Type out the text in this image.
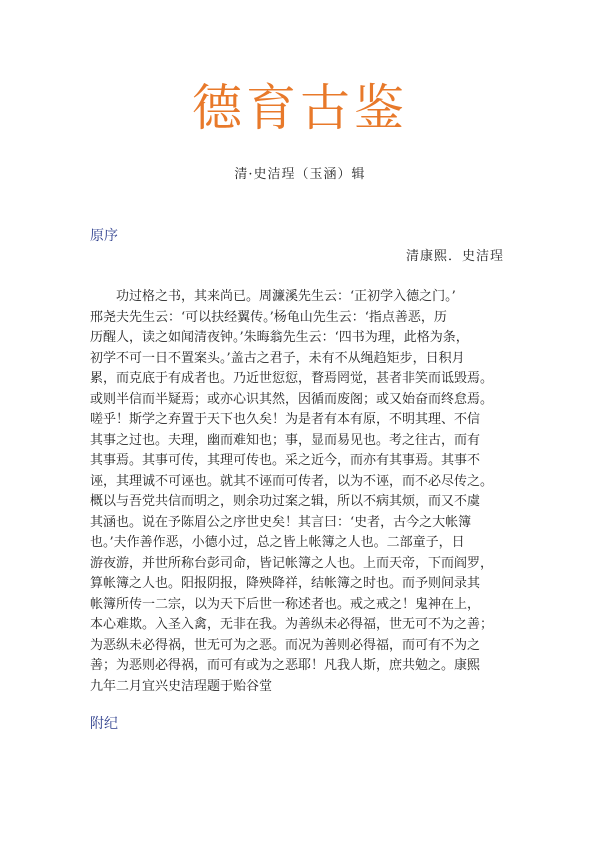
德育古鉴
清·史洁珵（玉涵）辑
原序
清康熙．史洁珵
　　功过格之书，其来尚已。周濂溪先生云：‘正初学入德之门。’
邢尧夫先生云：‘可以扶经翼传。’杨龟山先生云：‘指点善恶，历
历醒人，读之如闻清夜钟。’朱晦翁先生云：‘四书为理，此格为条，
初学不可一日不置案头。’盖古之君子，未有不从绳趋矩步，日积月
累，而克底于有成者也。乃近世愆愆，瞀焉罔觉，甚者非笑而诋毁焉。
或则半信而半疑焉；或亦心识其然，因循而废阁；或又始奋而终怠焉。
嗟乎！斯学之弃置于天下也久矣！为是者有本有原，不明其理、不信
其事之过也。夫理，幽而难知也；事，显而易见也。考之往古，而有
其事焉。其事可传，其理可传也。采之近今，而亦有其事焉。其事不
诬，其理诚不可诬也。就其不诬而可传者，以为不诬，而不必尽传之。
概以与吾党共信而明之，则余功过案之辑，所以不病其烦，而又不虞
其涵也。说在予陈眉公之序世史矣！其言曰：‘史者，古今之大帐簿
也。’夫作善作恶，小德小过，总之皆上帐簿之人也。二部童子，日
游夜游，并世所称台彭司命，皆记帐簿之人也。上而天帝，下而阎罗，
算帐簿之人也。阳报阴报，降殃降祥，结帐簿之时也。而予则间录其
帐簿所传一二宗，以为天下后世一称述者也。戒之戒之！鬼神在上，
本心难欺。入圣入禽，无非在我。为善纵未必得福，世无可不为之善；
为恶纵未必得祸，世无可为之恶。而况为善则必得福，而可有不为之
善；为恶则必得祸，而可有或为之恶耶！凡我人斯，庶共勉之。康熙
九年二月宜兴史洁珵题于贻谷堂
附纪
